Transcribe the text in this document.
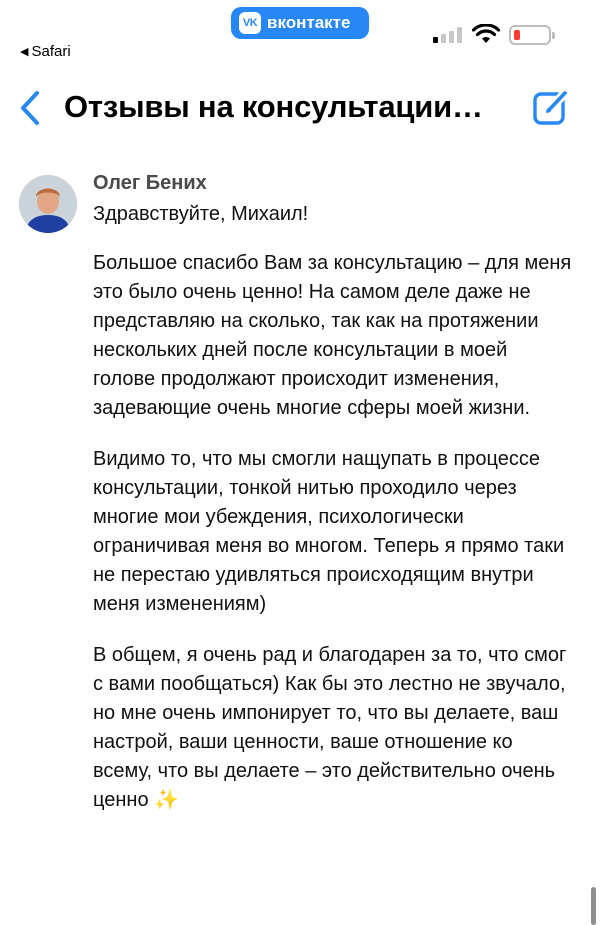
◀ Safari
VK вконтакте
Отзывы на консультации…
Олег Бених

Здравствуйте, Михаил!

Большое спасибо Вам за консультацию – для меня это было очень ценно! На самом деле даже не представляю на сколько, так как на протяжении нескольких дней после консультации в моей голове продолжают происходит изменения, задевающие очень многие сферы моей жизни.

Видимо то, что мы смогли нащупать в процессе консультации, тонкой нитью проходило через многие мои убеждения, психологически ограничивая меня во многом. Теперь я прямо таки не перестаю удивляться происходящим внутри меня изменениям)

В общем, я очень рад и благодарен за то, что смог с вами пообщаться) Как бы это лестно не звучало, но мне очень импонирует то, что вы делаете, ваш настрой, ваши ценности, ваше отношение ко всему, что вы делаете – это действительно очень ценно ✨
